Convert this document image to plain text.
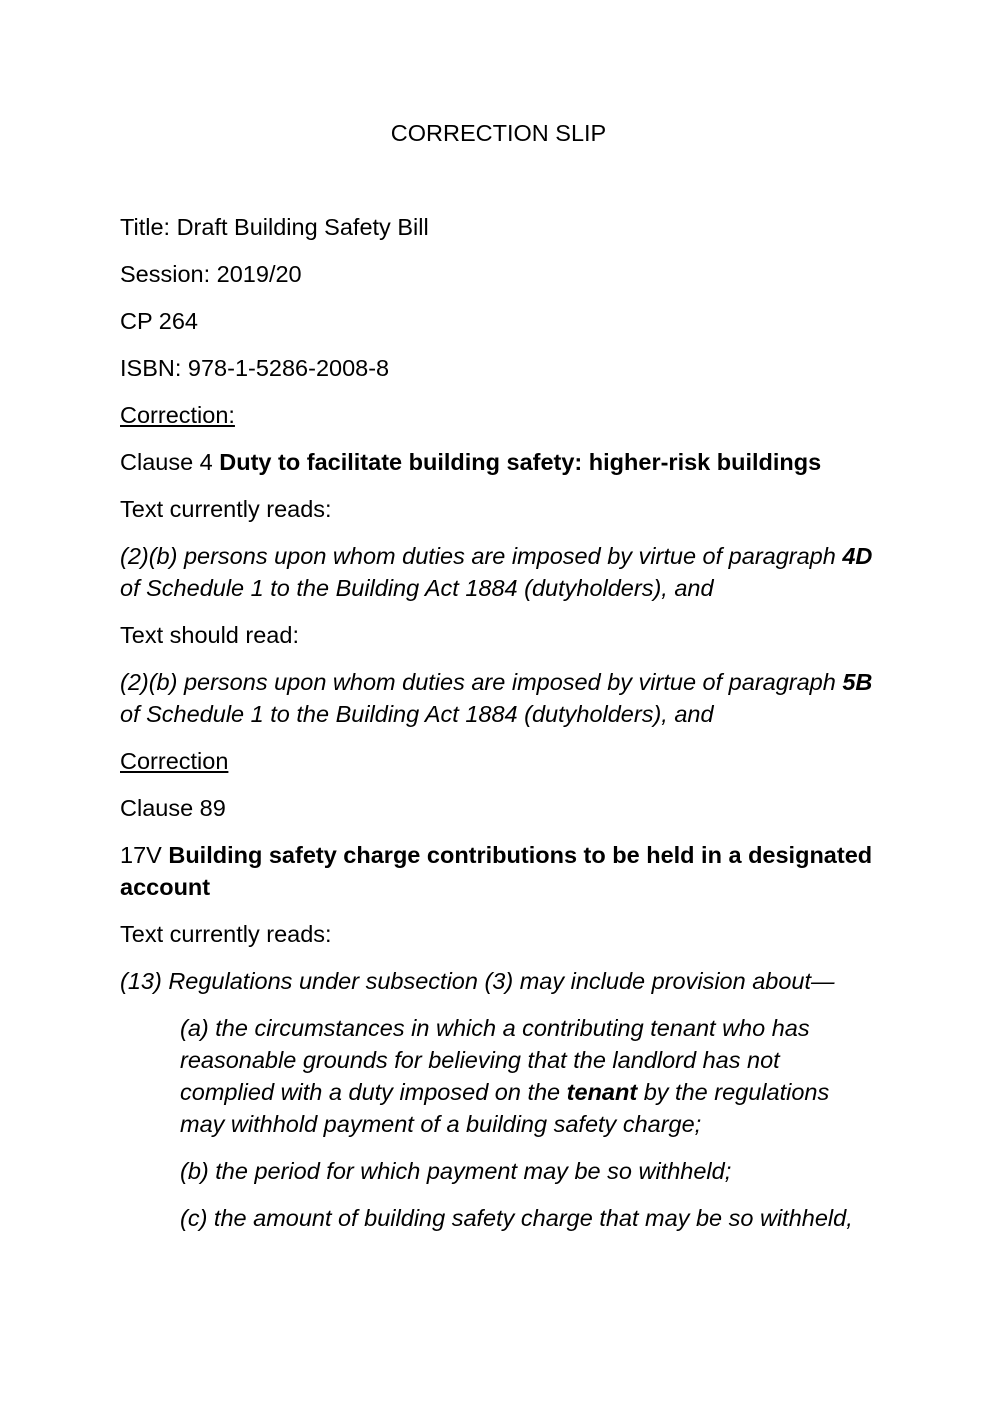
CORRECTION SLIP

Title: Draft Building Safety Bill

Session: 2019/20

CP 264

ISBN: 978-1-5286-2008-8

Correction:

Clause 4 Duty to facilitate building safety: higher-risk buildings

Text currently reads:

(2)(b) persons upon whom duties are imposed by virtue of paragraph 4D
of Schedule 1 to the Building Act 1884 (dutyholders), and

Text should read:

(2)(b) persons upon whom duties are imposed by virtue of paragraph 5B
of Schedule 1 to the Building Act 1884 (dutyholders), and

Correction

Clause 89

17V Building safety charge contributions to be held in a designated
account

Text currently reads:

(13) Regulations under subsection (3) may include provision about—

(a) the circumstances in which a contributing tenant who has
reasonable grounds for believing that the landlord has not
complied with a duty imposed on the tenant by the regulations
may withhold payment of a building safety charge;

(b) the period for which payment may be so withheld;

(c) the amount of building safety charge that may be so withheld,
